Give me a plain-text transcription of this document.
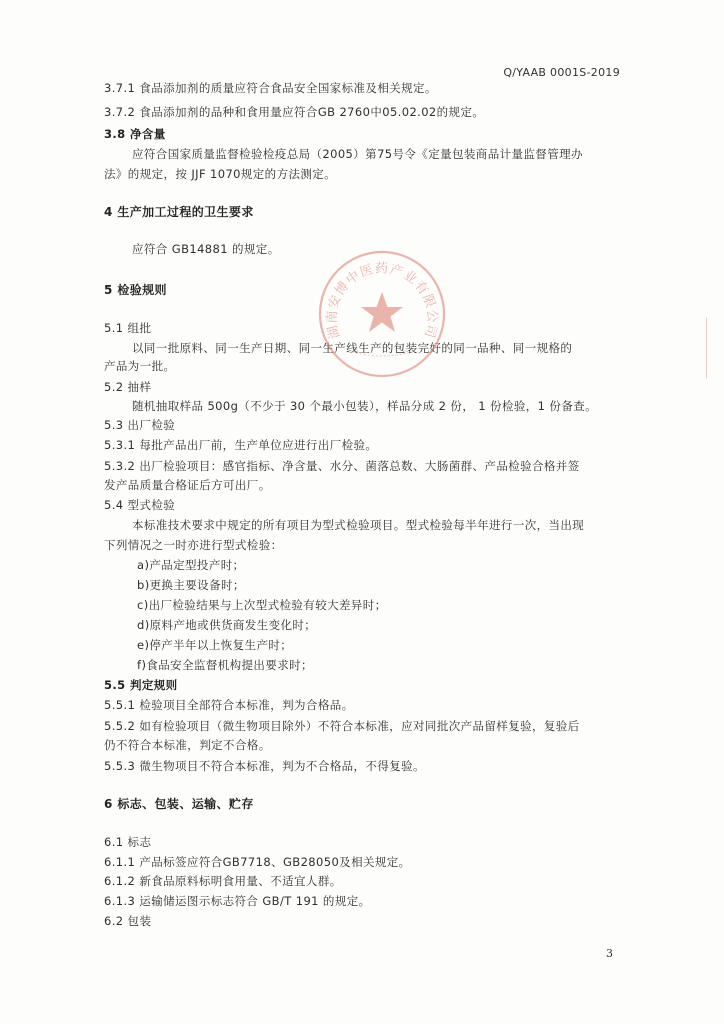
Q/YAAB 0001S-2019
3.7.1 食品添加剂的质量应符合食品安全国家标准及相关规定。
3.7.2 食品添加剂的品种和食用量应符合GB 2760中05.02.02的规定。
3.8 净含量
应符合国家质量监督检验检疫总局（2005）第75号令《定量包装商品计量监督管理办
法》的规定，按 JJF 1070规定的方法测定。
4 生产加工过程的卫生要求
应符合 GB14881 的规定。
5 检验规则
5.1 组批
以同一批原料、同一生产日期、同一生产线生产的包装完好的同一品种、同一规格的
产品为一批。
5.2 抽样
随机抽取样品 500g（不少于 30 个最小包装），样品分成 2 份， 1 份检验，1 份备查。
5.3 出厂检验
5.3.1 每批产品出厂前，生产单位应进行出厂检验。
5.3.2 出厂检验项目：感官指标、净含量、水分、菌落总数、大肠菌群、产品检验合格并签
发产品质量合格证后方可出厂。
5.4 型式检验
本标准技术要求中规定的所有项目为型式检验项目。型式检验每半年进行一次，当出现
下列情况之一时亦进行型式检验：
a)产品定型投产时；
b)更换主要设备时；
c)出厂检验结果与上次型式检验有较大差异时；
d)原料产地或供货商发生变化时；
e)停产半年以上恢复生产时；
f)食品安全监督机构提出要求时；
5.5 判定规则
5.5.1 检验项目全部符合本标准，判为合格品。
5.5.2 如有检验项目（微生物项目除外）不符合本标准，应对同批次产品留样复验，复验后
仍不符合本标准，判定不合格。
5.5.3 微生物项目不符合本标准，判为不合格品，不得复验。
6 标志、包装、运输、贮存
6.1 标志
6.1.1 产品标签应符合GB7718、GB28050及相关规定。
6.1.2 新食品原料标明食用量、不适宜人群。
6.1.3 运输储运图示标志符合 GB/T 191 的规定。
6.2 包装
湖南安博中医药产业有限公司
3
